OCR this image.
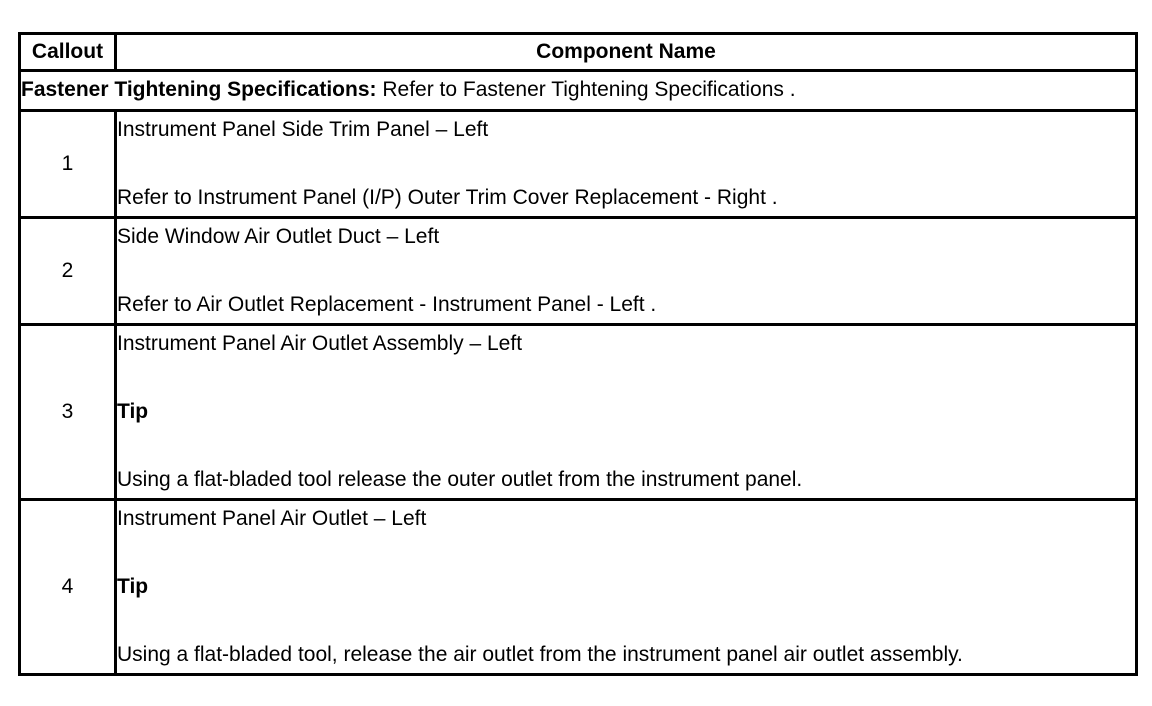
Callout	Component Name
Fastener Tightening Specifications: Refer to Fastener Tightening Specifications .	
1	Instrument Panel Side Trim Panel – Left
Refer to Instrument Panel (I/P) Outer Trim Cover Replacement - Right .

2	Side Window Air Outlet Duct – Left
Refer to Air Outlet Replacement - Instrument Panel - Left .

3	Instrument Panel Air Outlet Assembly – Left
Tip
Using a flat-bladed tool release the outer outlet from the instrument panel.

4	Instrument Panel Air Outlet – Left
Tip
Using a flat-bladed tool, release the air outlet from the instrument panel air outlet assembly.
